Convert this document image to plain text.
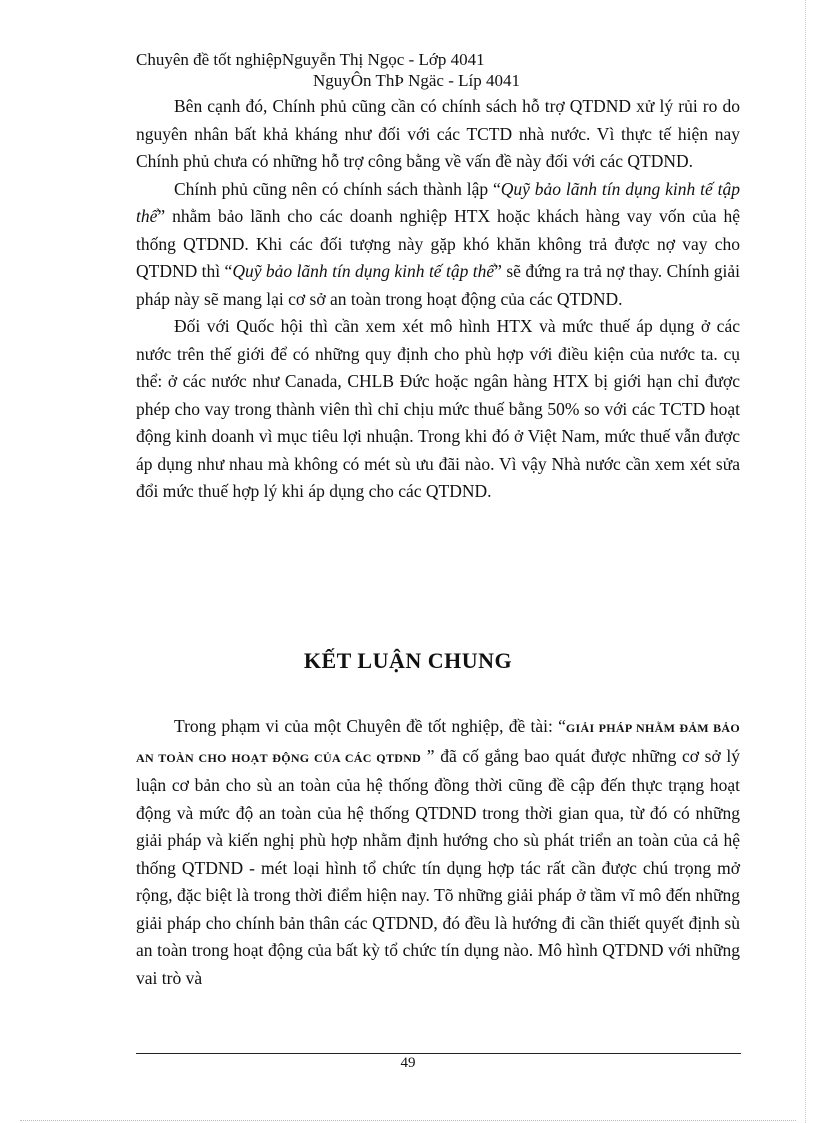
Chuyên đề tốt nghiệpNguyễn Thị Ngọc - Lớp 4041
NguyÔn ThÞ Ngäc - Líp 4041

Bên cạnh đó, Chính phủ cũng cần có chính sách hỗ trợ QTDND xử lý rủi ro do nguyên nhân bất khả kháng như đối với các TCTD nhà nước. Vì thực tế hiện nay Chính phủ chưa có những hỗ trợ công bằng về vấn đề này đối với các QTDND.

Chính phủ cũng nên có chính sách thành lập “Quỹ bảo lãnh tín dụng kinh tế tập thể” nhằm bảo lãnh cho các doanh nghiệp HTX hoặc khách hàng vay vốn của hệ thống QTDND. Khi các đối tượng này gặp khó khăn không trả được nợ vay cho QTDND thì “Quỹ bảo lãnh tín dụng kinh tế tập thể” sẽ đứng ra trả nợ thay. Chính giải pháp này sẽ mang lại cơ sở an toàn trong hoạt động của các QTDND.

Đối với Quốc hội thì cần xem xét mô hình HTX và mức thuế áp dụng ở các nước trên thế giới để có những quy định cho phù hợp với điều kiện của nước ta. cụ thể: ở các nước như Canada, CHLB Đức hoặc ngân hàng HTX bị giới hạn chỉ được phép cho vay trong thành viên thì chỉ chịu mức thuế bằng 50% so với các TCTD hoạt động kinh doanh vì mục tiêu lợi nhuận. Trong khi đó ở Việt Nam, mức thuế vẫn được áp dụng như nhau mà không có mét sù ưu đãi nào. Vì vậy Nhà nước cần xem xét sửa đổi mức thuế hợp lý khi áp dụng cho các QTDND.

KẾT LUẬN CHUNG

Trong phạm vi của một Chuyên đề tốt nghiệp, đề tài: “GIẢI PHÁP NHẰM ĐẢM BẢO AN TOÀN CHO HOẠT ĐỘNG CỦA CÁC QTDND ” đã cố gắng bao quát được những cơ sở lý luận cơ bản cho sù an toàn của hệ thống đồng thời cũng đề cập đến thực trạng hoạt động và mức độ an toàn của hệ thống QTDND trong thời gian qua, từ đó có những giải pháp và kiến nghị phù hợp nhằm định hướng cho sù phát triển an toàn của cả hệ thống QTDND - mét loại hình tổ chức tín dụng hợp tác rất cần được chú trọng mở rộng, đặc biệt là trong thời điểm hiện nay. Tõ những giải pháp ở tầm vĩ mô đến những giải pháp cho chính bản thân các QTDND, đó đều là hướng đi cần thiết quyết định sù an toàn trong hoạt động của bất kỳ tổ chức tín dụng nào. Mô hình QTDND với những vai trò và

49
